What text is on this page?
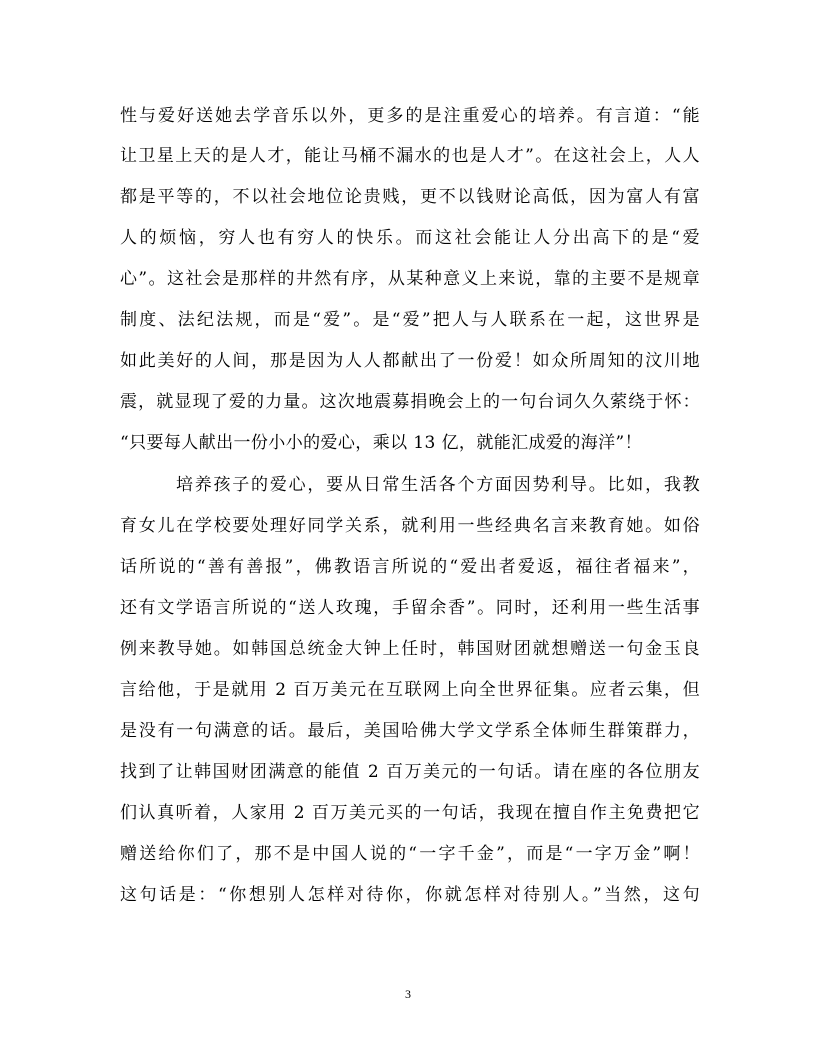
性与爱好送她去学音乐以外，更多的是注重爱心的培养。有言道：“能
让卫星上天的是人才，能让马桶不漏水的也是人才”。在这社会上，人人
都是平等的，不以社会地位论贵贱，更不以钱财论高低，因为富人有富
人的烦恼，穷人也有穷人的快乐。而这社会能让人分出高下的是“爱
心”。这社会是那样的井然有序，从某种意义上来说，靠的主要不是规章
制度、法纪法规，而是“爱”。是“爱”把人与人联系在一起，这世界是
如此美好的人间，那是因为人人都献出了一份爱！如众所周知的汶川地
震，就显现了爱的力量。这次地震募捐晚会上的一句台词久久萦绕于怀：
“只要每人献出一份小小的爱心，乘以 13 亿，就能汇成爱的海洋”！
培养孩子的爱心，要从日常生活各个方面因势利导。比如，我教
育女儿在学校要处理好同学关系，就利用一些经典名言来教育她。如俗
话所说的“善有善报”，佛教语言所说的“爱出者爱返，福往者福来”，
还有文学语言所说的“送人玫瑰，手留余香”。同时，还利用一些生活事
例来教导她。如韩国总统金大钟上任时，韩国财团就想赠送一句金玉良
言给他，于是就用 2 百万美元在互联网上向全世界征集。应者云集，但
是没有一句满意的话。最后，美国哈佛大学文学系全体师生群策群力，
找到了让韩国财团满意的能值 2 百万美元的一句话。请在座的各位朋友
们认真听着，人家用 2 百万美元买的一句话，我现在擅自作主免费把它
赠送给你们了，那不是中国人说的“一字千金”，而是“一字万金”啊！
这句话是：“你想别人怎样对待你，你就怎样对待别人。”当然，这句
3
